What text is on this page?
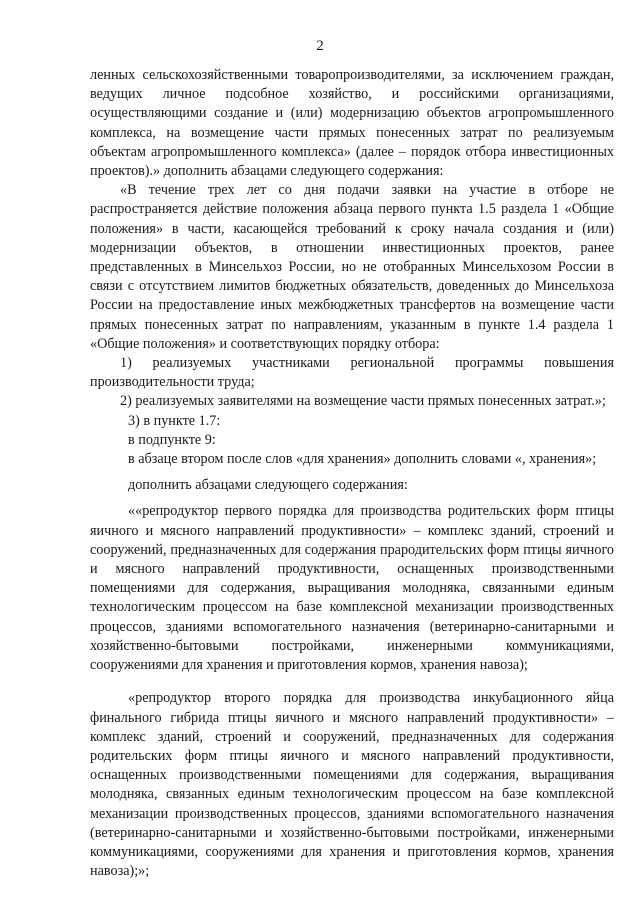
2

ленных сельскохозяйственными товаропроизводителями, за исключением граждан, ведущих личное подсобное хозяйство, и российскими организациями, осуществляющими создание и (или) модернизацию объектов агропромышленного комплекса, на возмещение части прямых понесенных затрат по реализуемым объектам агропромышленного комплекса» (далее – порядок отбора инвестиционных проектов).» дополнить абзацами следующего содержания:

«В течение трех лет со дня подачи заявки на участие в отборе не распространяется действие положения абзаца первого пункта 1.5 раздела 1 «Общие положения» в части, касающейся требований к сроку начала создания и (или) модернизации объектов, в отношении инвестиционных проектов, ранее представленных в Минсельхоз России, но не отобранных Минсельхозом России в связи с отсутствием лимитов бюджетных обязательств, доведенных до Минсельхоза России на предоставление иных межбюджетных трансфертов на возмещение части прямых понесенных затрат по направлениям, указанным в пункте 1.4 раздела 1 «Общие положения» и соответствующих порядку отбора:

1) реализуемых участниками региональной программы повышения производительности труда;

2) реализуемых заявителями на возмещение части прямых понесенных затрат.»;

3) в пункте 1.7:

в подпункте 9:

в абзаце втором после слов «для хранения» дополнить словами «, хранения»;

дополнить абзацами следующего содержания:

««репродуктор первого порядка для производства родительских форм птицы яичного и мясного направлений продуктивности» – комплекс зданий, строений и сооружений, предназначенных для содержания прародительских форм птицы яичного и мясного направлений продуктивности, оснащенных производственными помещениями для содержания, выращивания молодняка, связанными единым технологическим процессом на базе комплексной механизации производственных процессов, зданиями вспомогательного назначения (ветеринарно-санитарными и хозяйственно-бытовыми постройками, инженерными коммуникациями, сооружениями для хранения и приготовления кормов, хранения навоза);

«репродуктор второго порядка для производства инкубационного яйца финального гибрида птицы яичного и мясного направлений продуктивности» – комплекс зданий, строений и сооружений, предназначенных для содержания родительских форм птицы яичного и мясного направлений продуктивности, оснащенных производственными помещениями для содержания, выращивания молодняка, связанных единым технологическим процессом на базе комплексной механизации производственных процессов, зданиями вспомогательного назначения (ветеринарно-санитарными и хозяйственно-бытовыми постройками, инженерными коммуникациями, сооружениями для хранения и приготовления кормов, хранения навоза);»;
